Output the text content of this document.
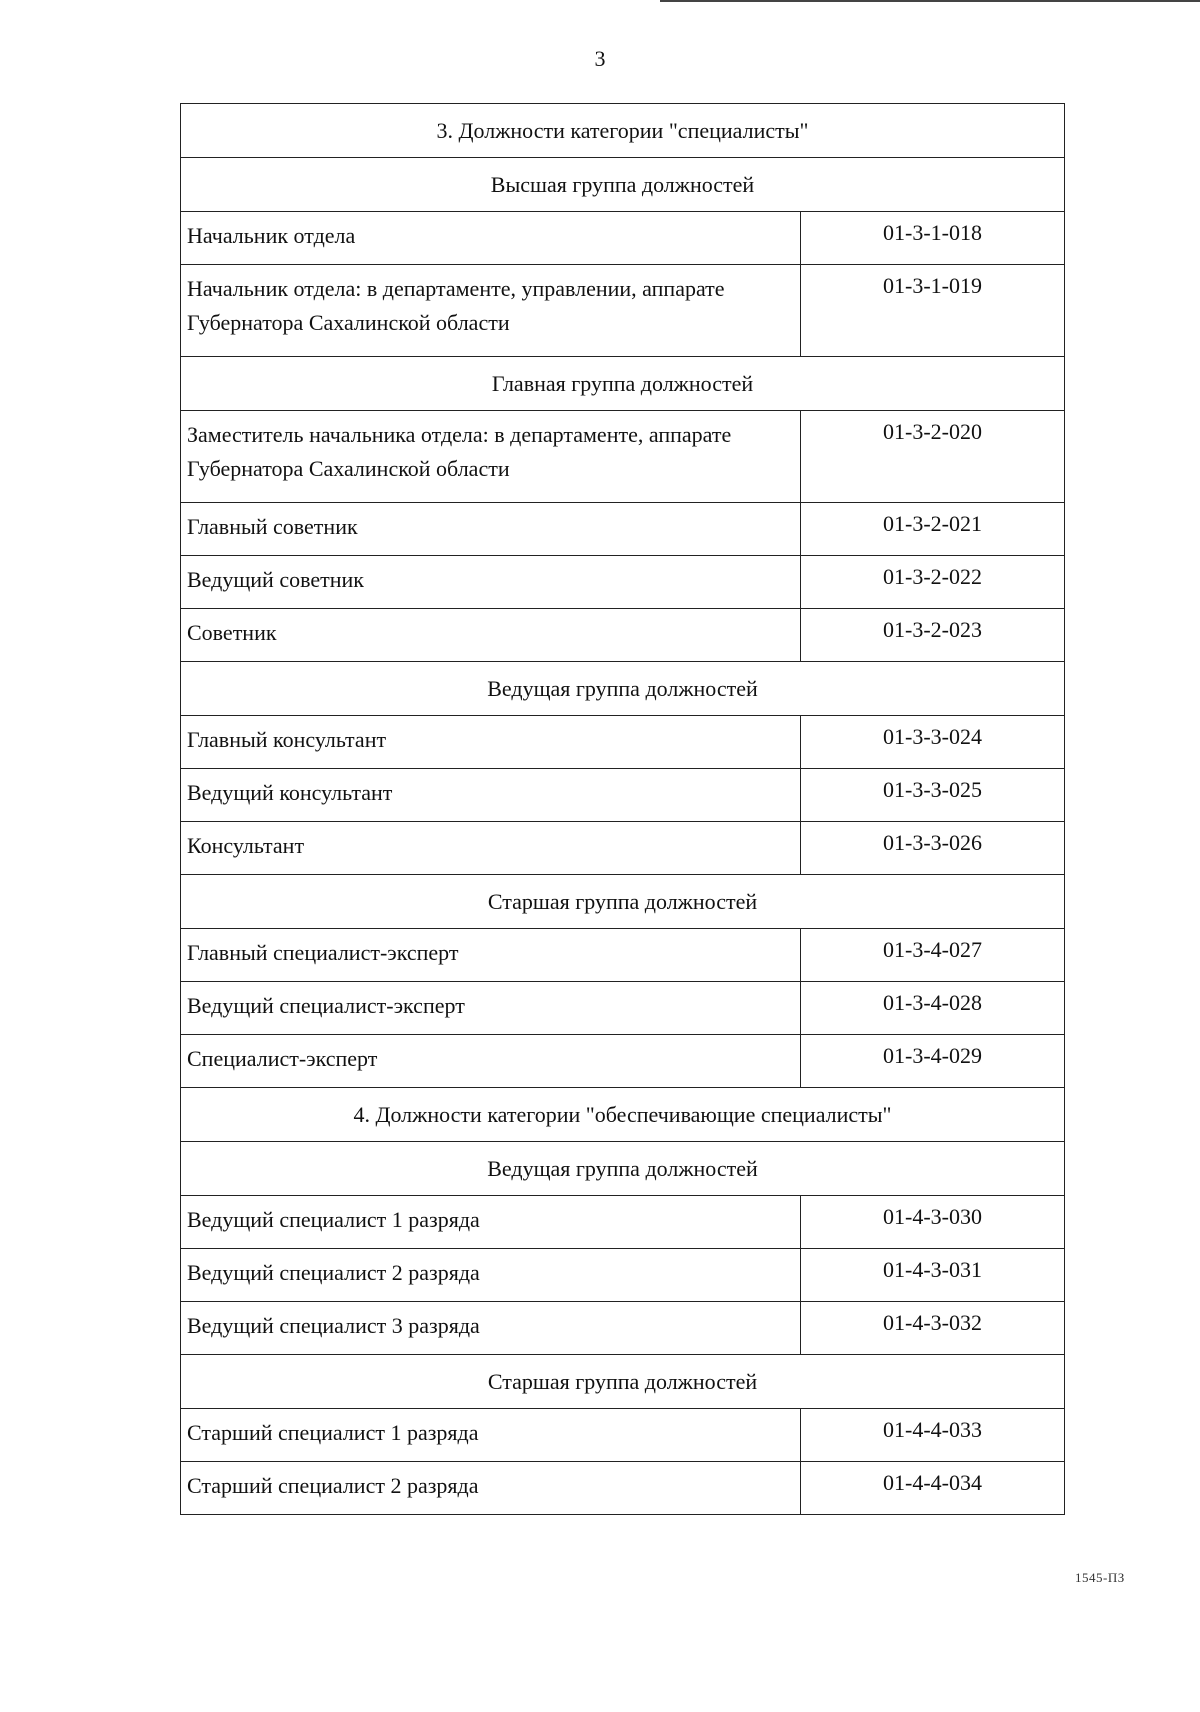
3
3. Должности категории "специалисты"	
Высшая группа должностей	
Начальник отдела	01-3-1-018
Начальник отдела: в департаменте, управлении, аппарате Губернатора Сахалинской области	01-3-1-019
Главная группа должностей	
Заместитель начальника отдела: в департаменте, аппарате Губернатора Сахалинской области	01-3-2-020
Главный советник	01-3-2-021
Ведущий советник	01-3-2-022
Советник	01-3-2-023
Ведущая группа должностей	
Главный консультант	01-3-3-024
Ведущий консультант	01-3-3-025
Консультант	01-3-3-026
Старшая группа должностей	
Главный специалист-эксперт	01-3-4-027
Ведущий специалист-эксперт	01-3-4-028
Специалист-эксперт	01-3-4-029
4. Должности категории "обеспечивающие специалисты"	
Ведущая группа должностей	
Ведущий специалист 1 разряда	01-4-3-030
Ведущий специалист 2 разряда	01-4-3-031
Ведущий специалист 3 разряда	01-4-3-032
Старшая группа должностей	
Старший специалист 1 разряда	01-4-4-033
Старший специалист 2 разряда	01-4-4-034
1545-ПЗ
